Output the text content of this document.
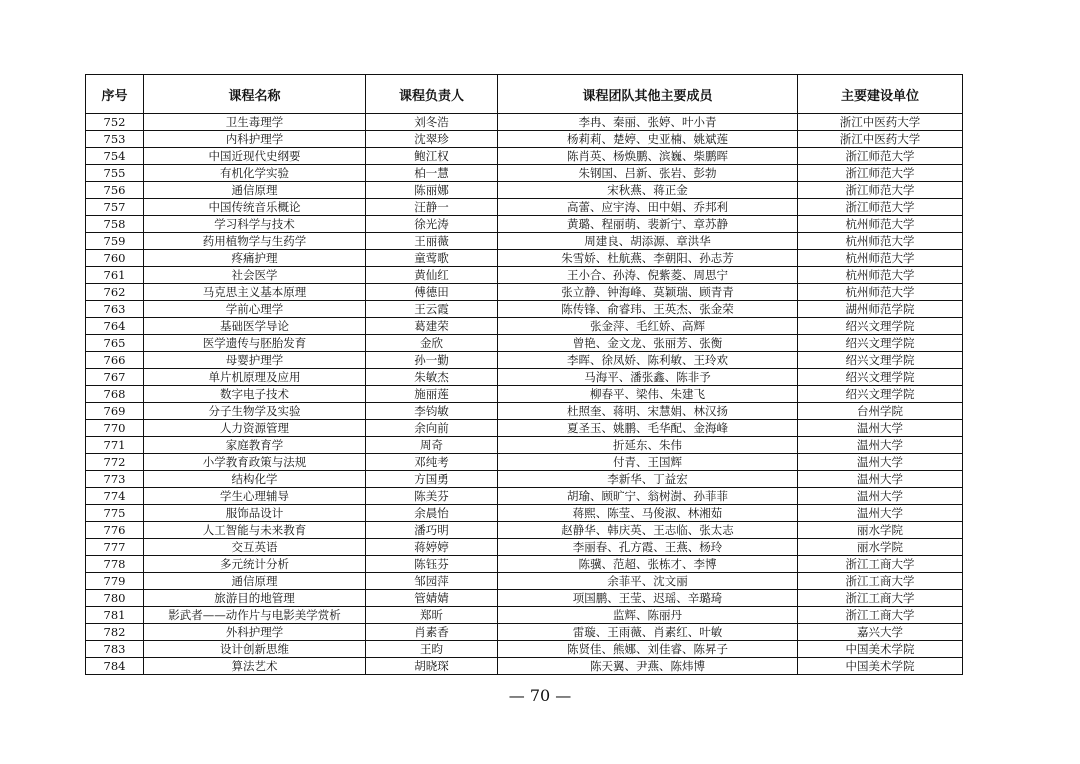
序号	课程名称	课程负责人	课程团队其他主要成员	主要建设单位
752	卫生毒理学	刘冬浩	李冉、秦丽、张婷、叶小青	浙江中医药大学
753	内科护理学	沈翠珍	杨莉莉、楚婷、史亚楠、姚斌莲	浙江中医药大学
754	中国近现代史纲要	鲍江权	陈肖英、杨焕鹏、滨巍、柴鹏晖	浙江师范大学
755	有机化学实验	柏一慧	朱钢国、吕新、张岩、彭勃	浙江师范大学
756	通信原理	陈丽娜	宋秋燕、蒋正金	浙江师范大学
757	中国传统音乐概论	汪静一	高蕾、应宇涛、田中娟、乔邦利	浙江师范大学
758	学习科学与技术	徐光涛	黄璐、程丽萌、裴新宁、章苏静	杭州师范大学
759	药用植物学与生药学	王丽薇	周建良、胡添源、章洪华	杭州师范大学
760	疼痛护理	童莺歌	朱雪娇、杜航燕、李朝阳、孙志芳	杭州师范大学
761	社会医学	黄仙红	王小合、孙涛、倪紫菱、周思宁	杭州师范大学
762	马克思主义基本原理	傅德田	张立静、钟海峰、莫颖瑞、顾青青	杭州师范大学
763	学前心理学	王云霞	陈传锋、俞睿玮、王英杰、张金荣	湖州师范学院
764	基础医学导论	葛建荣	张金萍、毛红娇、高辉	绍兴文理学院
765	医学遗传与胚胎发育	金欣	曾艳、金文龙、张丽芳、张衡	绍兴文理学院
766	母婴护理学	孙一勤	李晖、徐凤娇、陈利敏、王玲欢	绍兴文理学院
767	单片机原理及应用	朱敏杰	马海平、潘张鑫、陈非予	绍兴文理学院
768	数字电子技术	施丽莲	柳春平、梁伟、朱建飞	绍兴文理学院
769	分子生物学及实验	李钧敏	杜照奎、蒋明、宋慧娟、林汉扬	台州学院
770	人力资源管理	余向前	夏圣玉、姚鹏、毛华配、金海峰	温州大学
771	家庭教育学	周奇	折延东、朱伟	温州大学
772	小学教育政策与法规	邓纯考	付青、王国辉	温州大学
773	结构化学	方国勇	李新华、丁益宏	温州大学
774	学生心理辅导	陈美芬	胡瑜、顾旷宁、翁树澍、孙菲菲	温州大学
775	服饰品设计	余晨怡	蒋熙、陈莹、马俊淑、林湘茹	温州大学
776	人工智能与未来教育	潘巧明	赵静华、韩庆英、王志临、张太志	丽水学院
777	交互英语	蒋婷婷	李丽春、孔方霞、王燕、杨玲	丽水学院
778	多元统计分析	陈钰芬	陈骥、范超、张栋才、李博	浙江工商大学
779	通信原理	邹园萍	余菲平、沈文丽	浙江工商大学
780	旅游目的地管理	管婧婧	项国鹏、王莹、迟瑶、辛璐琦	浙江工商大学
781	影武者——动作片与电影美学赏析	郑昕	监辉、陈丽丹	浙江工商大学
782	外科护理学	肖素香	雷璇、王雨薇、肖素红、叶敏	嘉兴大学
783	设计创新思维	王昀	陈贤佳、熊娜、刘佳睿、陈昇子	中国美术学院
784	算法艺术	胡晓琛	陈天翼、尹燕、陈炜博	中国美术学院
— 70 —
